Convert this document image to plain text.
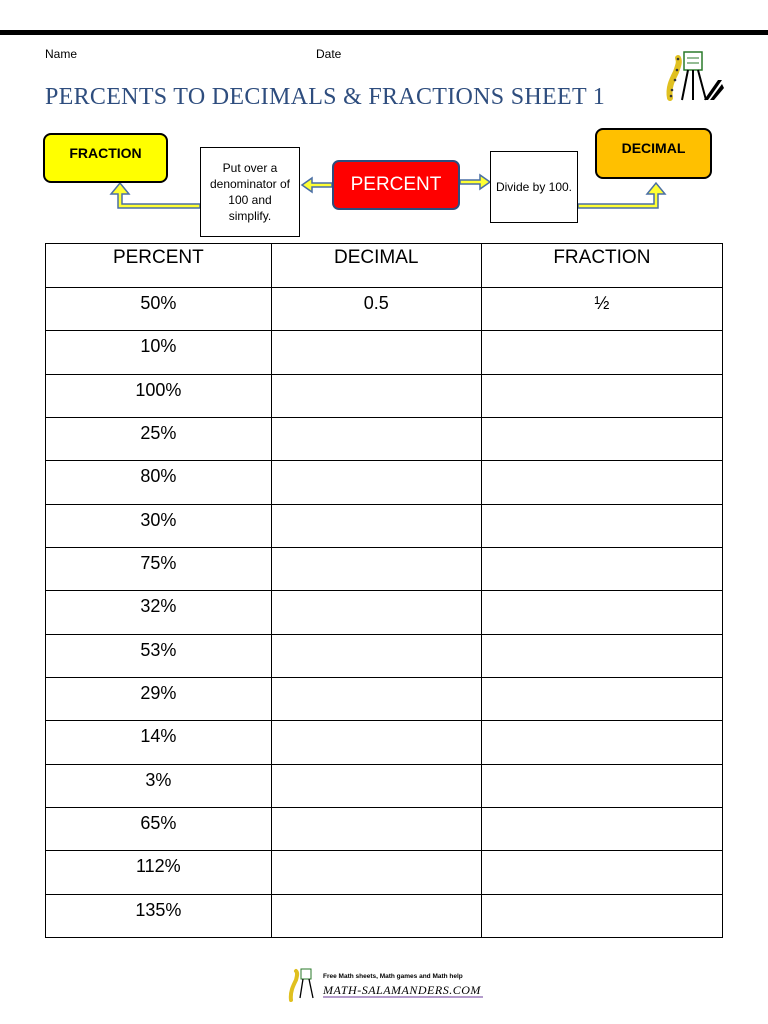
Name	Date
PERCENTS TO DECIMALS & FRACTIONS SHEET 1
FRACTION
Put over a denominator of 100 and simplify.
PERCENT	Divide by 100.
DECIMAL
PERCENT	DECIMAL	FRACTION
50%	0.5	½
10%		
100%		
25%		
80%		
30%		
75%		
32%		
53%		
29%		
14%		
3%		
65%		
112%		
135%		
Free Math sheets, Math games and Math help
MATH-SALAMANDERS.COM
